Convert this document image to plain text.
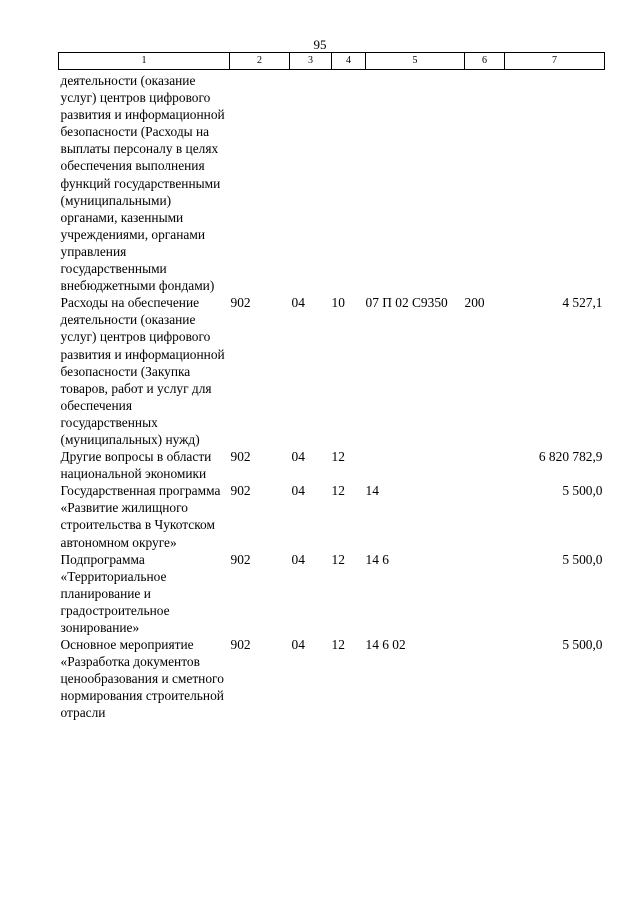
95
1	2	3	4	5	6	7
деятельности (оказание услуг) центров цифрового развития и информационной безопасности (Расходы на выплаты персоналу в целях обеспечения выполнения функций государственными (муниципальными) органами, казенными учреждениями, органами управления государственными внебюджетными фондами)	

Расходы на обеспечение деятельности (оказание услуг) центров цифрового развития и информационной безопасности (Закупка товаров, работ и услуг для обеспечения государственных (муниципальных) нужд)	902	04	10	07 П 02 С9350	200	4 527,1
Другие вопросы в области национальной экономики	902	04	12			6 820 782,9
Государственная программа «Развитие жилищного строительства в Чукотском автономном округе»	902	04	12	14		5 500,0
Подпрограмма «Территориальное планирование и градостроительное зонирование»	902	04	12	14 6		5 500,0
Основное мероприятие «Разработка документов ценообразования и сметного нормирования строительной отрасли	902	04	12	14 6 02		5 500,0
